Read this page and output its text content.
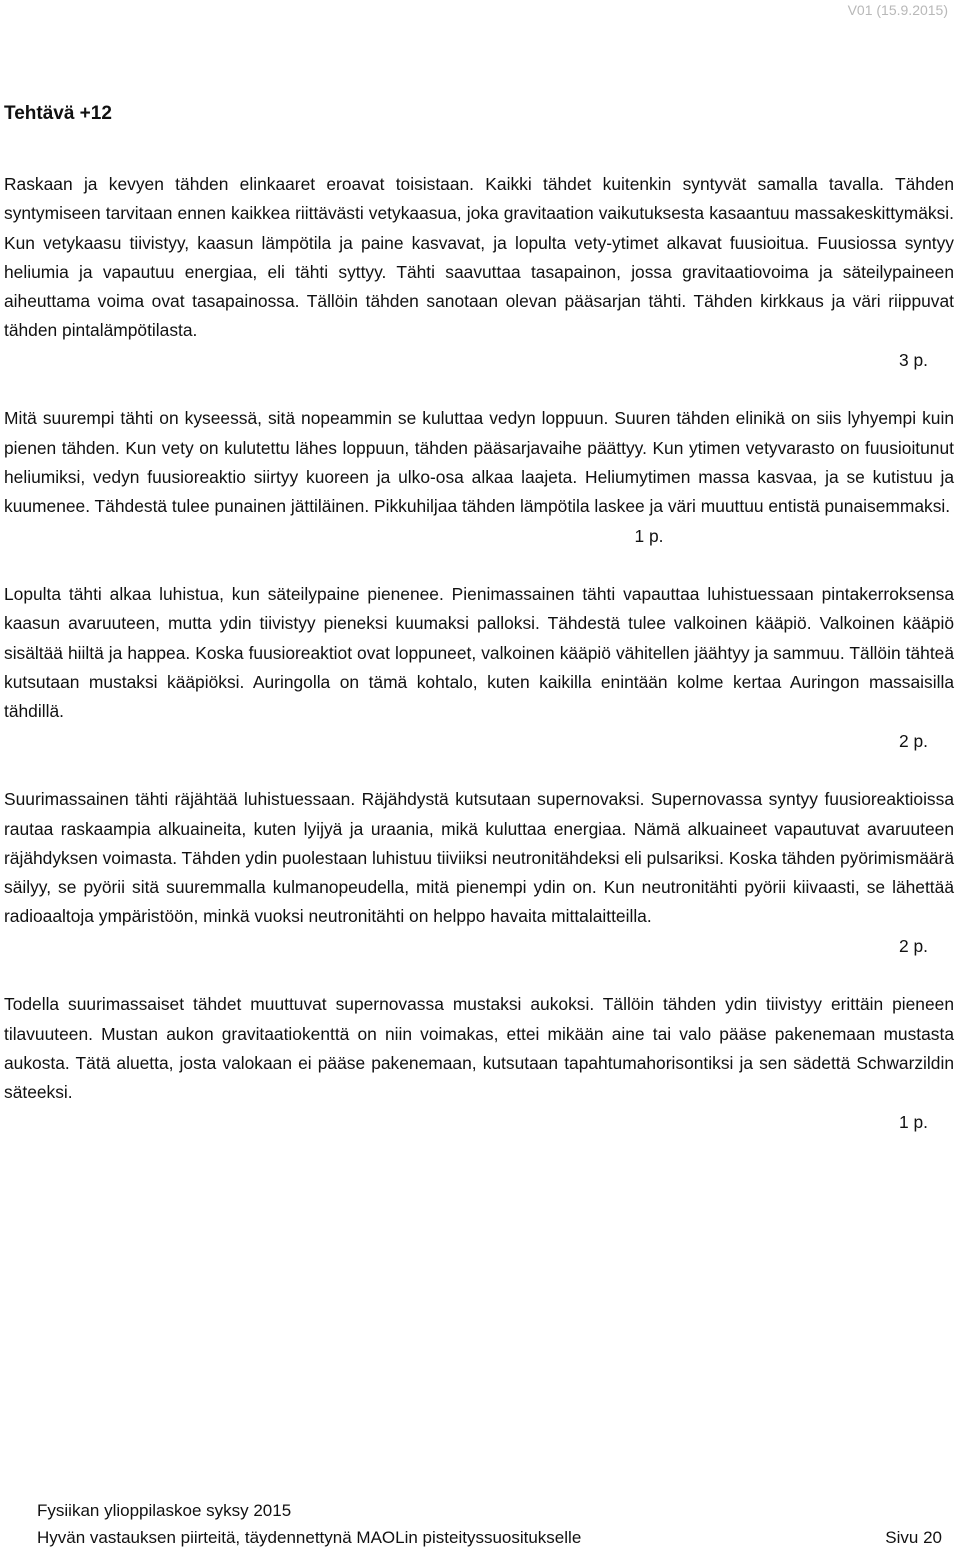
V01 (15.9.2015)
Tehtävä +12

Raskaan ja kevyen tähden elinkaaret eroavat toisistaan. Kaikki tähdet kuitenkin syntyvät samalla tavalla. Tähden syntymiseen tarvitaan ennen kaikkea riittävästi vetykaasua, joka gravitaation vaikutuksesta kasaantuu massakeskittymäksi. Kun vetykaasu tiivistyy, kaasun lämpötila ja paine kasvavat, ja lopulta vety-ytimet alkavat fuusioitua. Fuusiossa syntyy heliumia ja vapautuu energiaa, eli tähti syttyy. Tähti saavuttaa tasapainon, jossa gravitaatiovoima ja säteilypaineen aiheuttama voima ovat tasapainossa. Tällöin tähden sanotaan olevan pääsarjan tähti. Tähden kirkkaus ja väri riippuvat tähden pintalämpötilasta.
3 p.

Mitä suurempi tähti on kyseessä, sitä nopeammin se kuluttaa vedyn loppuun. Suuren tähden elinikä on siis lyhyempi kuin pienen tähden. Kun vety on kulutettu lähes loppuun, tähden pääsarjavaihe päättyy. Kun ytimen vetyvarasto on fuusioitunut heliumiksi, vedyn fuusioreaktio siirtyy kuoreen ja ulko-osa alkaa laajeta. Heliumytimen massa kasvaa, ja se kutistuu ja kuumenee. Tähdestä tulee punainen jättiläinen. Pikkuhiljaa tähden lämpötila laskee ja väri muuttuu entistä punaisemmaksi.
1 p.

Lopulta tähti alkaa luhistua, kun säteilypaine pienenee. Pienimassainen tähti vapauttaa luhistuessaan pintakerroksensa kaasun avaruuteen, mutta ydin tiivistyy pieneksi kuumaksi palloksi. Tähdestä tulee valkoinen kääpiö. Valkoinen kääpiö sisältää hiiltä ja happea. Koska fuusioreaktiot ovat loppuneet, valkoinen kääpiö vähitellen jäähtyy ja sammuu. Tällöin tähteä kutsutaan mustaksi kääpiöksi. Auringolla on tämä kohtalo, kuten kaikilla enintään kolme kertaa Auringon massaisilla tähdillä.
2 p.

Suurimassainen tähti räjähtää luhistuessaan. Räjähdystä kutsutaan supernovaksi. Supernovassa syntyy fuusioreaktioissa rautaa raskaampia alkuaineita, kuten lyijyä ja uraania, mikä kuluttaa energiaa. Nämä alkuaineet vapautuvat avaruuteen räjähdyksen voimasta. Tähden ydin puolestaan luhistuu tiiviiksi neutronitähdeksi eli pulsariksi. Koska tähden pyörimismäärä säilyy, se pyörii sitä suuremmalla kulmanopeudella, mitä pienempi ydin on. Kun neutronitähti pyörii kiivaasti, se lähettää radioaaltoja ympäristöön, minkä vuoksi neutronitähti on helppo havaita mittalaitteilla.
2 p.

Todella suurimassaiset tähdet muuttuvat supernovassa mustaksi aukoksi. Tällöin tähden ydin tiivistyy erittäin pieneen tilavuuteen. Mustan aukon gravitaatiokenttä on niin voimakas, ettei mikään aine tai valo pääse pakenemaan mustasta aukosta. Tätä aluetta, josta valokaan ei pääse pakenemaan, kutsutaan tapahtumahorisontiksi ja sen sädettä Schwarzildin säteeksi.
1 p.

Fysiikan ylioppilaskoe syksy 2015
Hyvän vastauksen piirteitä, täydennettynä MAOLin pisteityssuositukselle	Sivu 20
